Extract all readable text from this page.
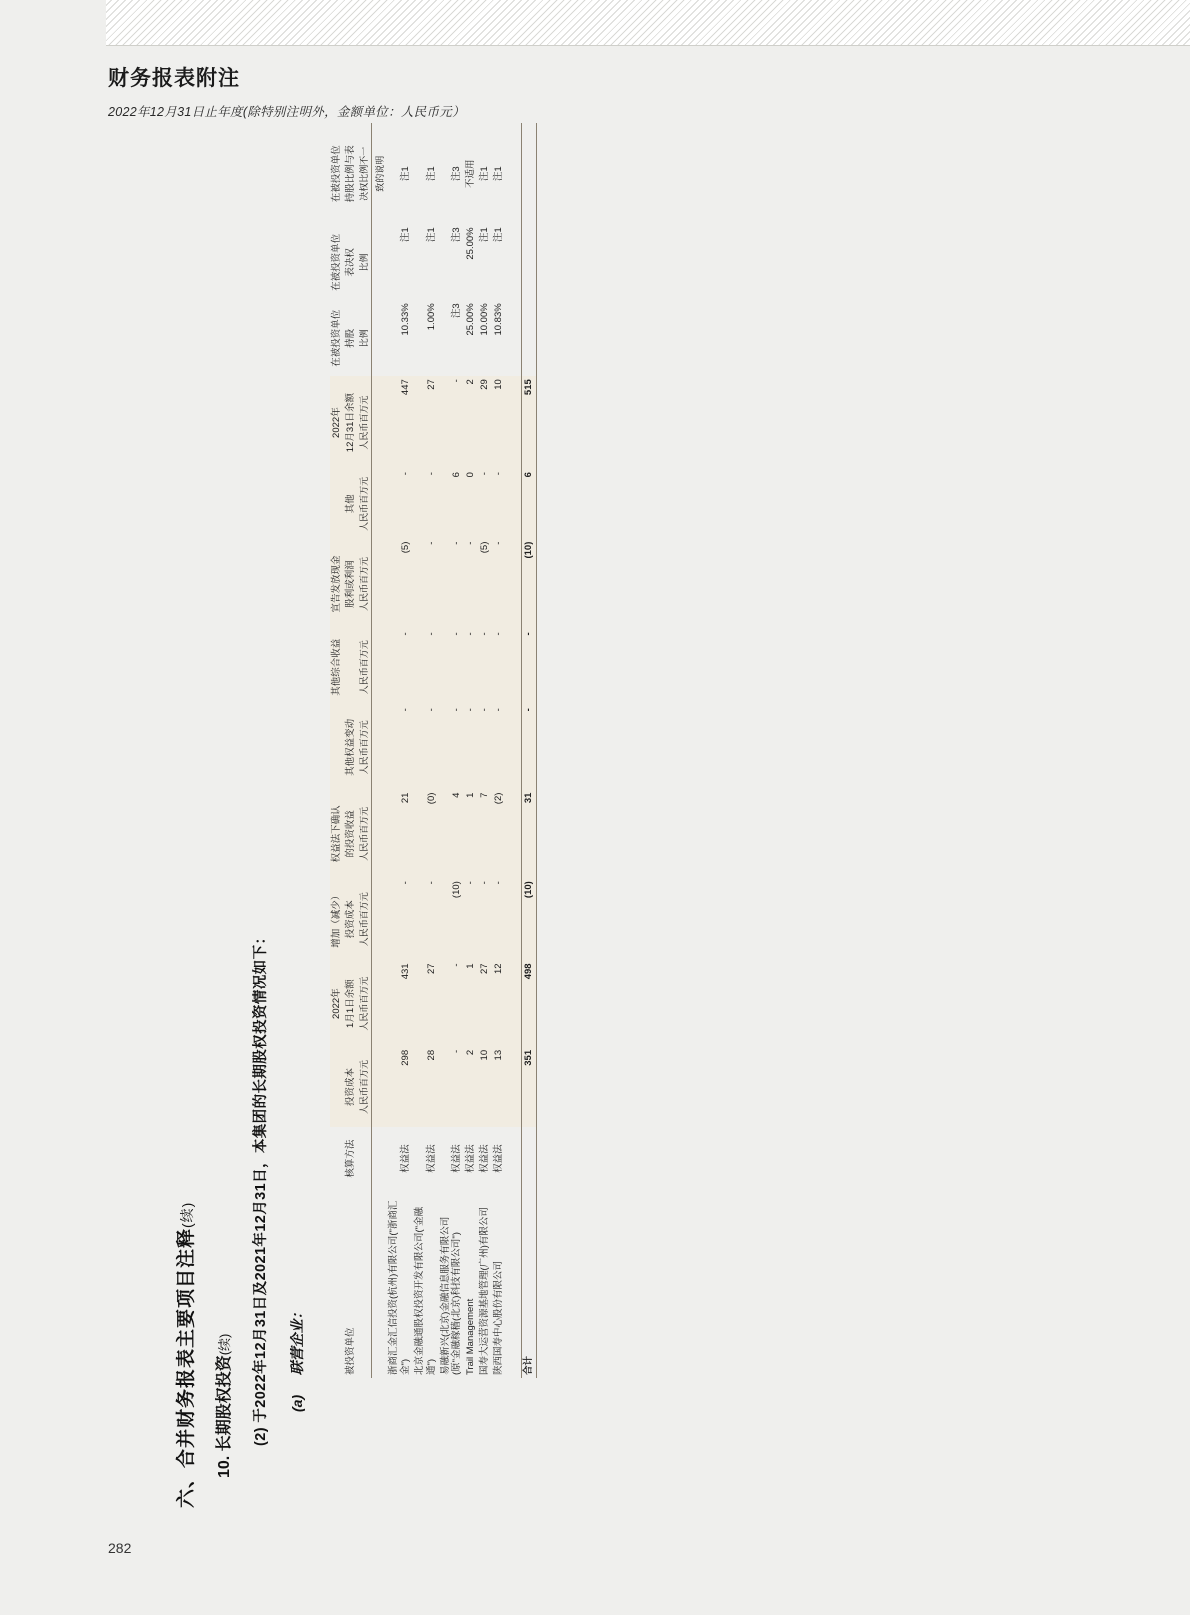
财务报表附注
2022年12月31日止年度(除特别注明外，金额单位：人民币元）
282
六、合并财务报表主要项目注释(续)
10. 长期股权投资(续) (2) 于2022年12月31日及2021年12月31日，本集团的长期股权投资情况如下： (a)     联营企业：
			2022年	增加（减少）	权益法下确认		其他综合收益	宣告发放现金		2022年	在被投资单位	在被投资单位	在被投资单位
被投资单位	核算方法	投资成本	1月1日余额	投资成本	的投资收益	其他权益变动		股利或利润	其他	12月31日余额	持股	表决权	持股比例与表
		人民币百万元	人民币百万元	人民币百万元	人民币百万元	人民币百万元	人民币百万元	人民币百万元	人民币百万元	人民币百万元	比例	比例	决权比例不一
													致的说明
浙商汇金汇信投资(杭州)有限公司("浙商汇金")	权益法	298	431	-	21	-	-	(5)	-	447	10.33%	注1	注1
北京金融通股权投资开发有限公司("金融通")	权益法	28	27	-	(0)	-	-	-	-	27	1.00%	注1	注1
易融新兴(北京)金融信息服务有限公司(原"金融稼穑(北京)科技有限公司")	权益法	-	-	(10)	4	-	-	-	6	-	注3	注3	注3
Trail Management	权益法	2	1	-	1	-	-	-	0	2	25.00%	25.00%	不适用
国寿大运营资源基地管理(广州)有限公司	权益法	10	27	-	7	-	-	(5)	-	29	10.00%	注1	注1
陕西国寿中心股份有限公司	权益法	13	12	-	(2)	-	-	-	-	10	10.83%	注1	注1

合计		351	498	(10)	31	-	-	(10)	6	515			
